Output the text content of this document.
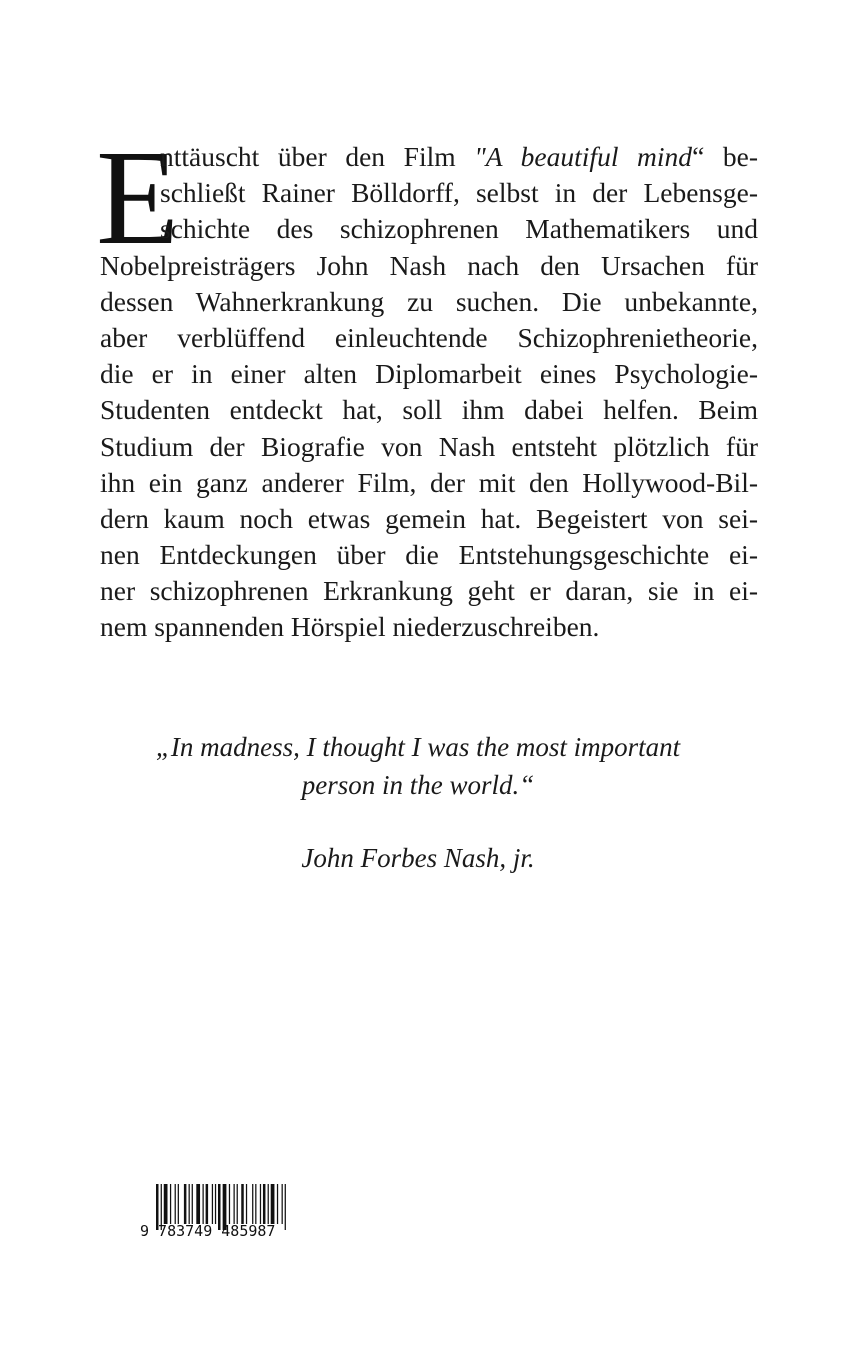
E
nttäuscht über den Film "A beautiful mind“ be-
schließt Rainer Bölldorff, selbst in der Lebensge-
schichte des schizophrenen Mathematikers und
Nobelpreisträgers John Nash nach den Ursachen für
dessen Wahnerkrankung zu suchen. Die unbekannte,
aber verblüffend einleuchtende Schizophrenietheorie,
die er in einer alten Diplomarbeit eines Psychologie-
Studenten entdeckt hat, soll ihm dabei helfen. Beim
Studium der Biografie von Nash entsteht plötzlich für
ihn ein ganz anderer Film, der mit den Hollywood-Bil-
dern kaum noch etwas gemein hat. Begeistert von sei-
nen Entdeckungen über die Entstehungsgeschichte ei-
ner schizophrenen Erkrankung geht er daran, sie in ei-
nem spannenden Hörspiel niederzuschreiben.
„In madness, I thought I was the most important
person in the world.“
John Forbes Nash, jr.
9 783749 485987
